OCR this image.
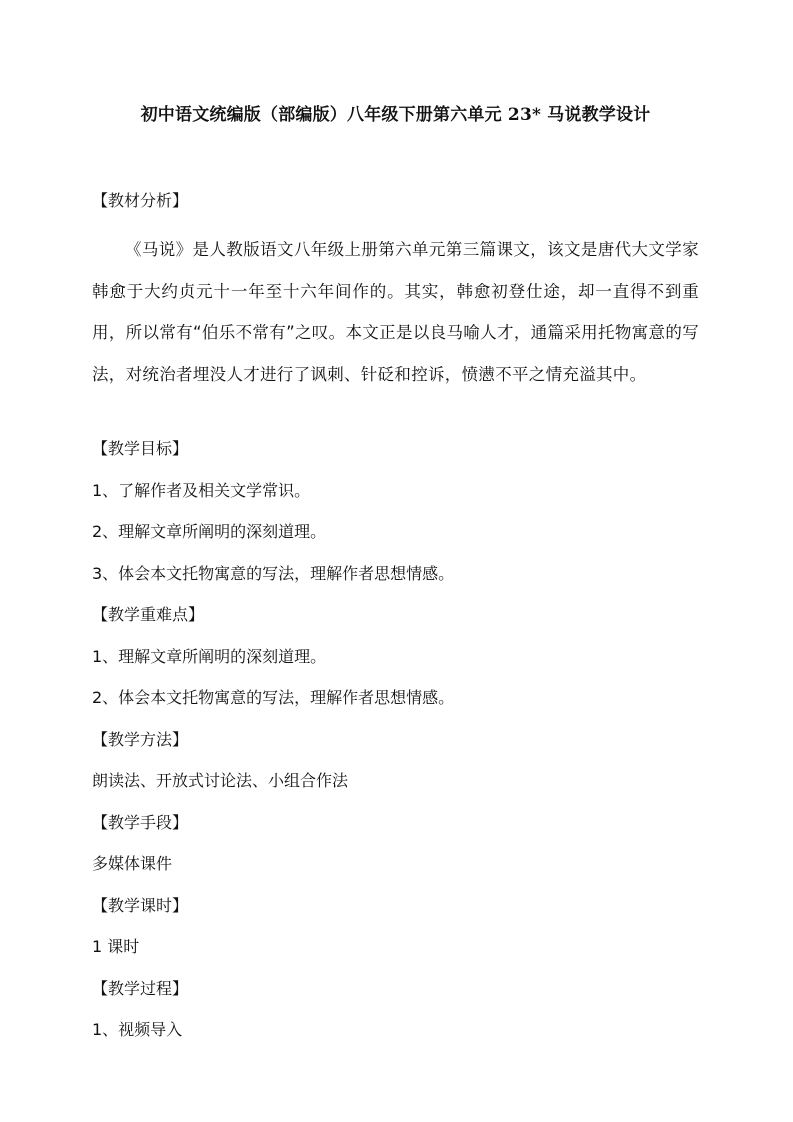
初中语文统编版（部编版）八年级下册第六单元 23* 马说教学设计
【教材分析】
《马说》是人教版语文八年级上册第六单元第三篇课文，该文是唐代大文学家韩愈于大约贞元十一年至十六年间作的。其实，韩愈初登仕途，却一直得不到重用，所以常有“伯乐不常有”之叹。本文正是以良马喻人才，通篇采用托物寓意的写法，对统治者埋没人才进行了讽刺、针砭和控诉，愤懑不平之情充溢其中。
【教学目标】
1、了解作者及相关文学常识。
2、理解文章所阐明的深刻道理。
3、体会本文托物寓意的写法，理解作者思想情感。
【教学重难点】
1、理解文章所阐明的深刻道理。
2、体会本文托物寓意的写法，理解作者思想情感。
【教学方法】
朗读法、开放式讨论法、小组合作法
【教学手段】
多媒体课件
【教学课时】
1 课时
【教学过程】
1、视频导入
